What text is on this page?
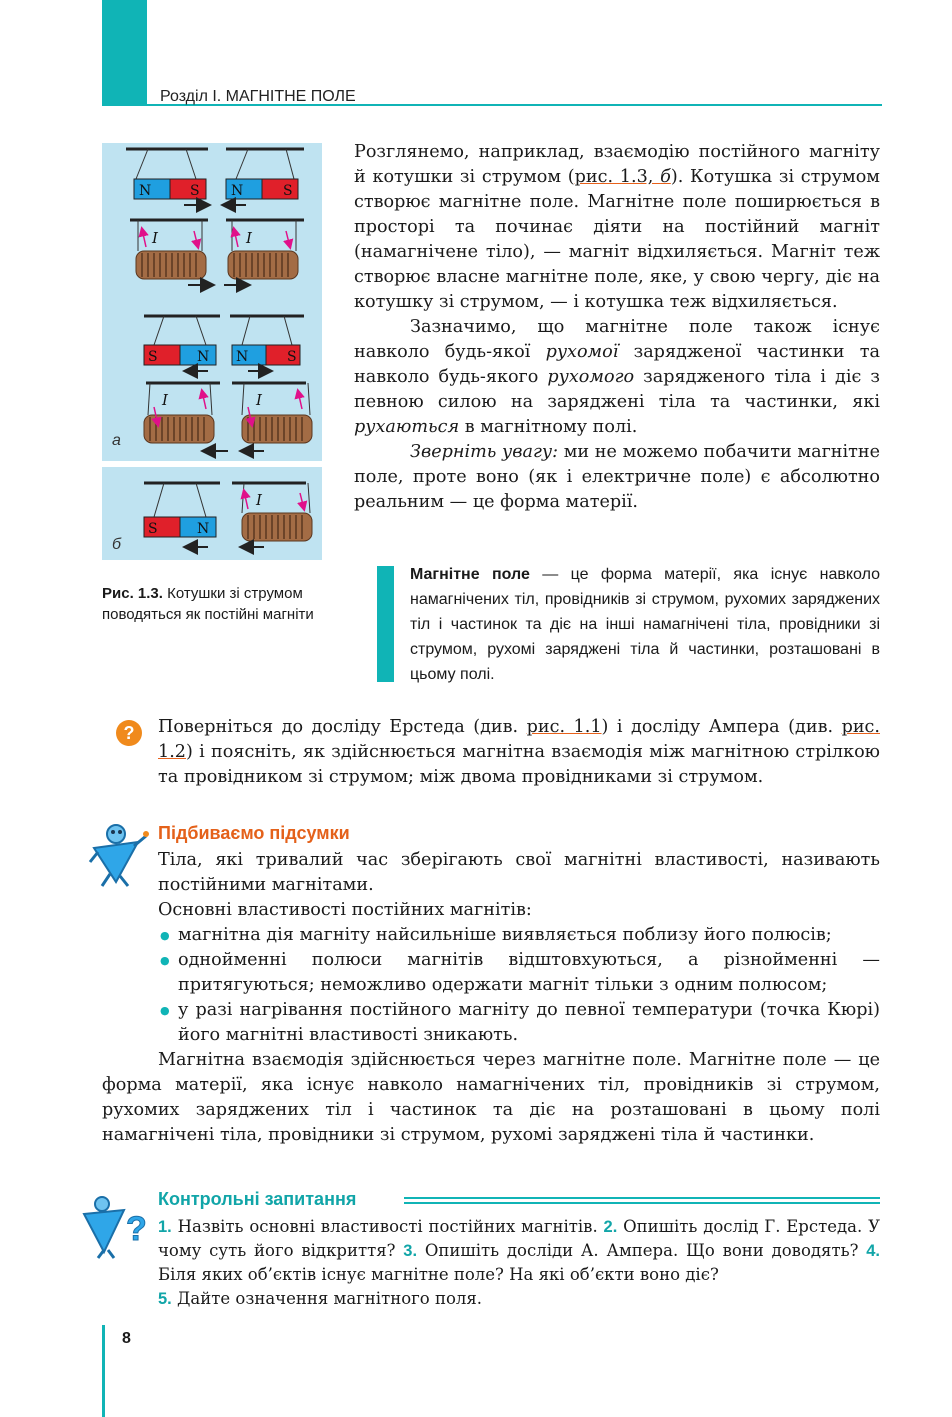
Розділ І. МАГНІТНЕ ПОЛЕ
N	S N	S
I	I
S	N N	S
I	I
а
S	N
I
б
Рис. 1.3. Котушки зі струмом поводяться як постійні магніти

Розглянемо, наприклад, взаємодію постійного магніту й котушки зі струмом (рис. 1.3, б). Котушка зі струмом створює магнітне поле. Магнітне поле поширюється в просторі та починає діяти на постійний магніт (намагнічене тіло), — магніт відхиляється. Магніт теж створює власне магнітне поле, яке, у свою чергу, діє на котушку зі струмом, — і котушка теж відхиляється.

Зазначимо, що магнітне поле також існує навколо будь-якої рухомої зарядженої частинки та навколо будь-якого рухомого зарядженого тіла і діє з певною силою на заряджені тіла та частинки, які рухаються в магнітному полі.

Зверніть увагу: ми не можемо побачити магнітне поле, проте воно (як і електричне поле) є абсолютно реальним — це форма матерії.

Магнітне поле — це форма матерії, яка існує навколо намагнічених тіл, провідників зі струмом, рухомих заряджених тіл і частинок та діє на інші намагнічені тіла, провідники зі струмом, рухомі заряджені тіла й частинки, розташовані в цьому полі.
?	Поверніться до досліду Ерстеда (див. рис. 1.1) і досліду Ампера (див. рис. 1.2) і поясніть, як здійснюється магнітна взаємодія між магнітною стрілкою та провідником зі струмом; між двома провідниками зі струмом.

Підбиваємо підсумки

Тіла, які тривалий час зберігають свої магнітні властивості, називають постійними магнітами.

Основні властивості постійних магнітів:

● магнітна дія магніту найсильніше виявляється поблизу його полюсів;
● однойменні полюси магнітів відштовхуються, а різнойменні — притягуються; неможливо одержати магніт тільки з одним полюсом;
● у разі нагрівання постійного магніту до певної температури (точка Кюрі) його магнітні властивості зникають.

Магнітна взаємодія здійснюється через магнітне поле. Магнітне поле — це форма матерії, яка існує навколо намагнічених тіл, провідників зі струмом, рухомих заряджених тіл і частинок та діє на розташовані в цьому полі намагнічені тіла, провідники зі струмом, рухомі заряджені тіла й частинки.

?
Контрольні запитання

1. Назвіть основні властивості постійних магнітів. 2. Опишіть дослід Г. Ерстеда. У чому суть його відкриття? 3. Опишіть досліди А. Ампера. Що вони доводять? 4. Біля яких об’єктів існує магнітне поле? На які об’єкти воно діє?
5. Дайте означення магнітного поля.

8
